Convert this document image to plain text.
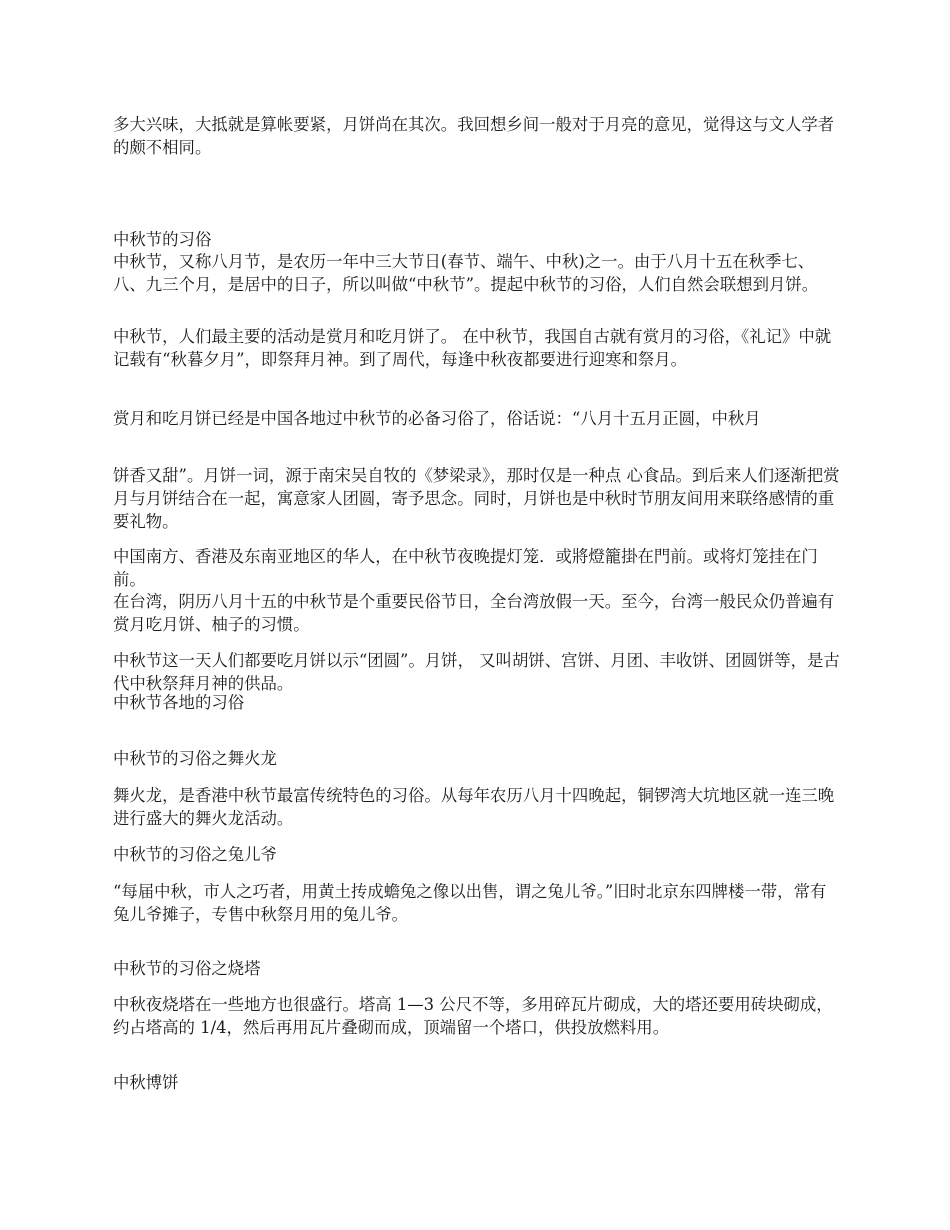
多大兴味，大抵就是算帐要紧，月饼尚在其次。我回想乡间一般对于月亮的意见，觉得这与文人学者的颇不相同。

中秋节的习俗

中秋节，又称八月节，是农历一年中三大节日(春节、端午、中秋)之一。由于八月十五在秋季七、八、九三个月，是居中的日子，所以叫做“中秋节”。提起中秋节的习俗，人们自然会联想到月饼。

中秋节，人们最主要的活动是赏月和吃月饼了。 在中秋节，我国自古就有赏月的习俗，《礼记》中就记载有“秋暮夕月”，即祭拜月神。到了周代，每逢中秋夜都要进行迎寒和祭月。

赏月和吃月饼已经是中国各地过中秋节的必备习俗了，俗话说：“八月十五月正圆，中秋月

饼香又甜”。月饼一词，源于南宋吴自牧的《梦梁录》，那时仅是一种点 心食品。到后来人们逐渐把赏月与月饼结合在一起，寓意家人团圆，寄予思念。同时，月饼也是中秋时节朋友间用来联络感情的重要礼物。

中国南方、香港及东南亚地区的华人，在中秋节夜晚提灯笼．或將燈籠掛在門前。或将灯笼挂在门前。

在台湾，阴历八月十五的中秋节是个重要民俗节日，全台湾放假一天。至今，台湾一般民众仍普遍有赏月吃月饼、柚子的习惯。

中秋节这一天人们都要吃月饼以示“团圆”。月饼， 又叫胡饼、宫饼、月团、丰收饼、团圆饼等，是古代中秋祭拜月神的供品。

中秋节各地的习俗

中秋节的习俗之舞火龙

舞火龙，是香港中秋节最富传统特色的习俗。从每年农历八月十四晚起，铜锣湾大坑地区就一连三晚进行盛大的舞火龙活动。

中秋节的习俗之兔儿爷

“每届中秋，市人之巧者，用黄土抟成蟾兔之像以出售，谓之兔儿爷。”旧时北京东四牌楼一带，常有兔儿爷摊子，专售中秋祭月用的兔儿爷。

中秋节的习俗之烧塔

中秋夜烧塔在一些地方也很盛行。塔高 1—3 公尺不等，多用碎瓦片砌成，大的塔还要用砖块砌成，约占塔高的 1/4，然后再用瓦片叠砌而成，顶端留一个塔口，供投放燃料用。

中秋博饼
